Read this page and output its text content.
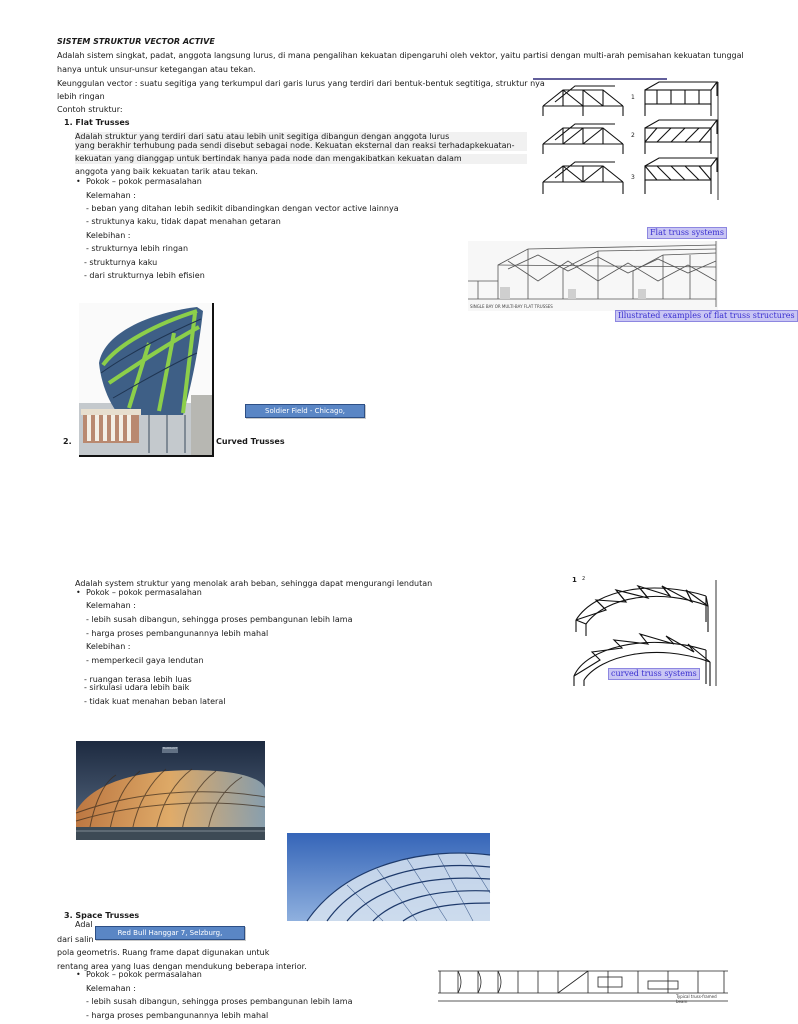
SISTEM STRUKTUR VECTOR ACTIVE
Adalah sistem singkat, padat, anggota langsung lurus, di mana pengalihan kekuatan dipengaruhi oleh vektor, yaitu partisi dengan multi-arah pemisahan kekuatan tunggal
hanya untuk unsur-unsur ketegangan atau tekan.
Keunggulan vector : suatu segitiga yang terkumpul dari garis lurus yang terdiri dari bentuk-bentuk segtitiga, struktur nya
lebih ringan
Contoh struktur:
1. Flat Trusses
Adalah struktur yang terdiri dari satu atau lebih unit segitiga dibangun dengan anggota lurus
yang berakhir terhubung pada sendi disebut sebagai node. Kekuatan eksternal dan reaksi terhadapkekuatan-
kekuatan yang dianggap untuk bertindak hanya pada node dan mengakibatkan kekuatan dalam
anggota yang baik kekuatan tarik atau tekan.
• Pokok – pokok permasalahan
Kelemahan :
- beban yang ditahan lebih sedikit dibandingkan dengan vector active lainnya
- struktunya kaku, tidak dapat menahan getaran
Kelebihan :
- strukturnya lebih ringan
- strukturnya kaku
- dari strukturnya lebih efisien
1
2
3
Flat truss systems
SINGLE BAY OR MULTI-BAY FLAT TRUSSES
Illustrated examples of flat truss structures
Soldier Field - Chicago,
2.	Curved Trusses
Adalah system struktur yang menolak arah beban, sehingga dapat mengurangi lendutan
• Pokok – pokok permasalahan
Kelemahan :
- lebih susah dibangun, sehingga proses pembangunan lebih lama
- harga proses pembangunannya lebih mahal
Kelebihan :
- memperkecil gaya lendutan
- ruangan terasa lebih luas
- sirkulasi udara lebih baik
- tidak kuat menahan beban lateral
1 2
curved truss systems
BARRANT
3. Space Trusses
Adal
dari salin
Red Bull Hanggar 7, Selzburg,
pola geometris. Ruang frame dapat digunakan untuk
rentang area yang luas dengan mendukung beberapa interior.
• Pokok – pokok permasalahan
Kelemahan :
- lebih susah dibangun, sehingga proses pembangunan lebih lama
- harga proses pembangunannya lebih mahal
Typical truss-framed beam
